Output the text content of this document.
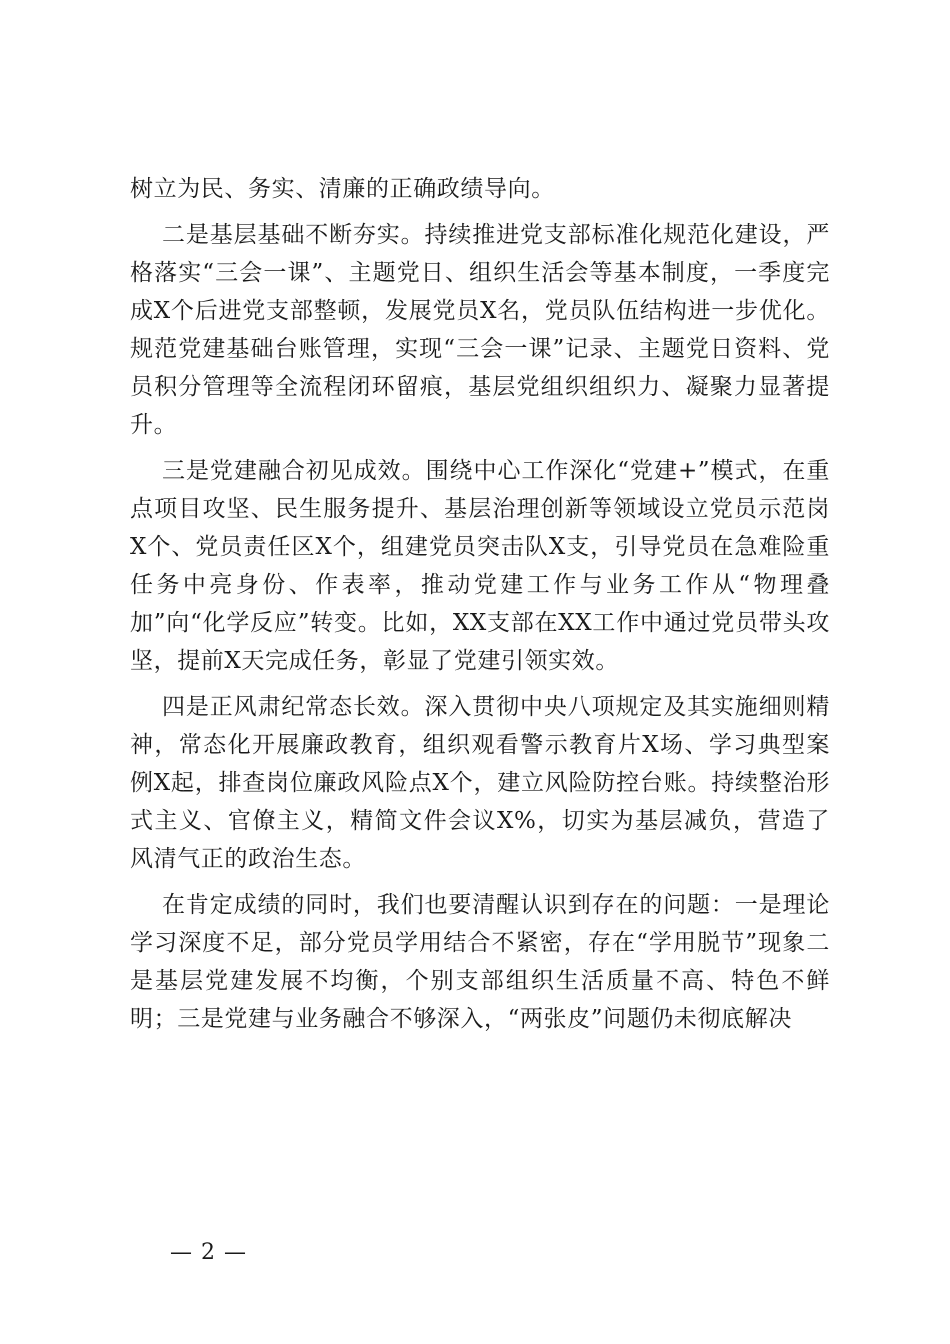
树立为民、务实、清廉的正确政绩导向。

二是基层基础不断夯实。持续推进党支部标准化规范化建设，严格落实“三会一课”、主题党日、组织生活会等基本制度，一季度完成X个后进党支部整顿，发展党员X名，党员队伍结构进一步优化。规范党建基础台账管理，实现“三会一课”记录、主题党日资料、党员积分管理等全流程闭环留痕，基层党组织组织力、凝聚力显著提升。

三是党建融合初见成效。围绕中心工作深化“党建+”模式，在重点项目攻坚、民生服务提升、基层治理创新等领域设立党员示范岗X个、党员责任区X个，组建党员突击队X支，引导党员在急难险重任务中亮身份、作表率，推动党建工作与业务工作从“物理叠加”向“化学反应”转变。比如，XX支部在XX工作中通过党员带头攻坚，提前X天完成任务，彰显了党建引领实效。

四是正风肃纪常态长效。深入贯彻中央八项规定及其实施细则精神，常态化开展廉政教育，组织观看警示教育片X场、学习典型案例X起，排查岗位廉政风险点X个，建立风险防控台账。持续整治形式主义、官僚主义，精简文件会议X%，切实为基层减负，营造了风清气正的政治生态。

在肯定成绩的同时，我们也要清醒认识到存在的问题：一是理论学习深度不足，部分党员学用结合不紧密，存在“学用脱节”现象二是基层党建发展不均衡，个别支部组织生活质量不高、特色不鲜明；三是党建与业务融合不够深入，“两张皮”问题仍未彻底解决

— 2 —
